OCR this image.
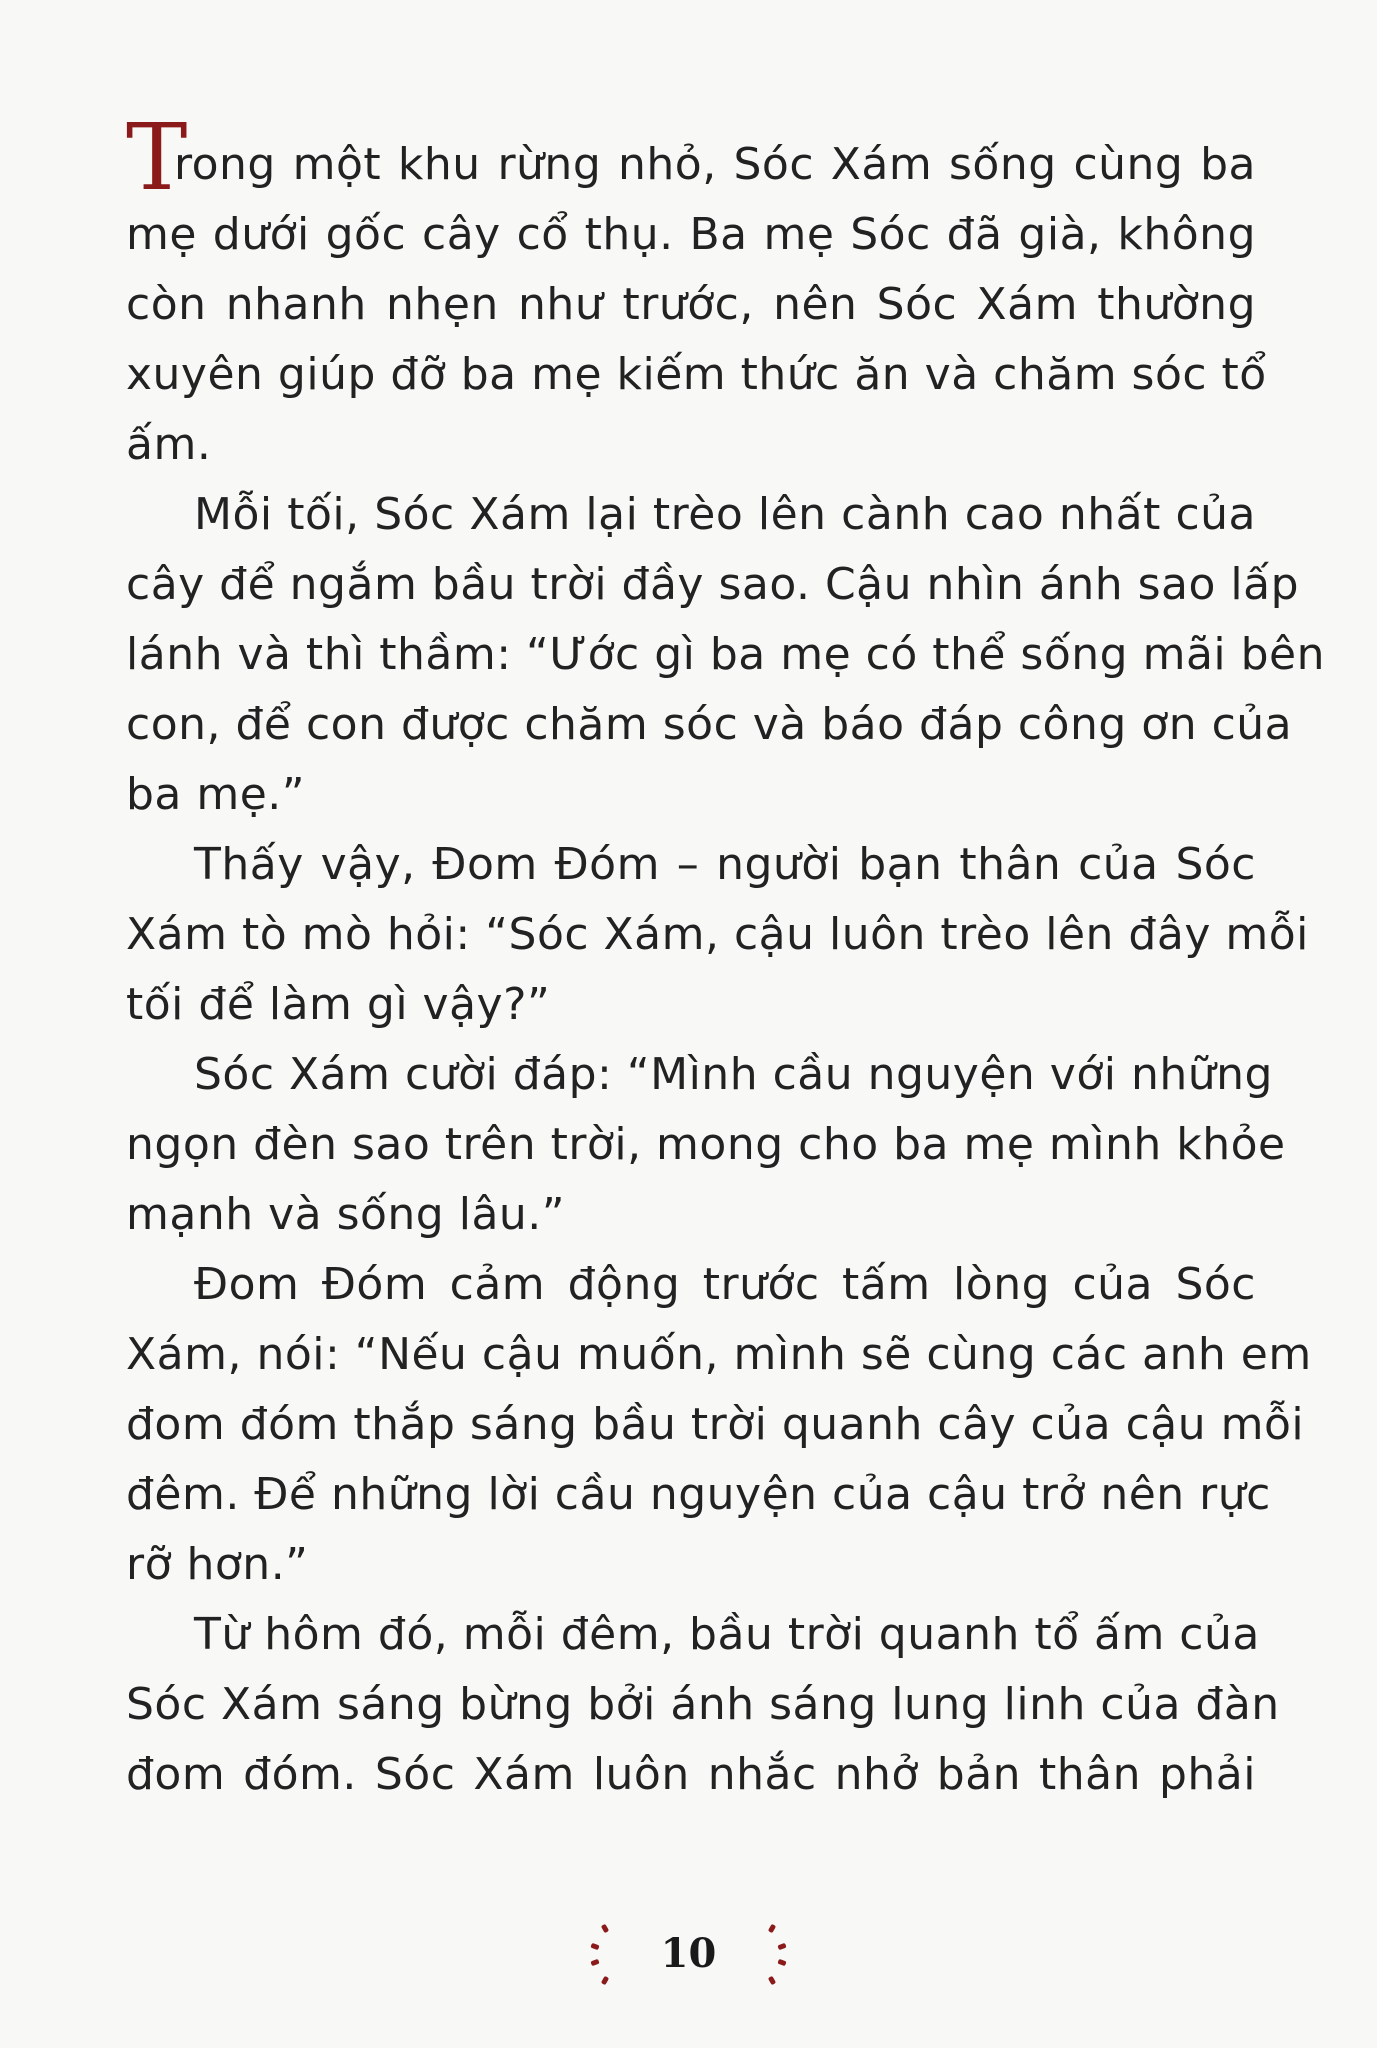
T
rong một khu rừng nhỏ, Sóc Xám sống cùng ba
mẹ dưới gốc cây cổ thụ. Ba mẹ Sóc đã già, không
còn nhanh nhẹn như trước, nên Sóc Xám thường
xuyên giúp đỡ ba mẹ kiếm thức ăn và chăm sóc tổ
ấm.
Mỗi tối, Sóc Xám lại trèo lên cành cao nhất của
cây để ngắm bầu trời đầy sao. Cậu nhìn ánh sao lấp
lánh và thì thầm: “Ước gì ba mẹ có thể sống mãi bên
con, để con được chăm sóc và báo đáp công ơn của
ba mẹ.”
Thấy vậy, Đom Đóm – người bạn thân của Sóc
Xám tò mò hỏi: “Sóc Xám, cậu luôn trèo lên đây mỗi
tối để làm gì vậy?”
Sóc Xám cười đáp: “Mình cầu nguyện với những
ngọn đèn sao trên trời, mong cho ba mẹ mình khỏe
mạnh và sống lâu.”
Đom Đóm cảm động trước tấm lòng của Sóc
Xám, nói: “Nếu cậu muốn, mình sẽ cùng các anh em
đom đóm thắp sáng bầu trời quanh cây của cậu mỗi
đêm. Để những lời cầu nguyện của cậu trở nên rực
rỡ hơn.”
Từ hôm đó, mỗi đêm, bầu trời quanh tổ ấm của
Sóc Xám sáng bừng bởi ánh sáng lung linh của đàn
đom đóm. Sóc Xám luôn nhắc nhở bản thân phải
10
